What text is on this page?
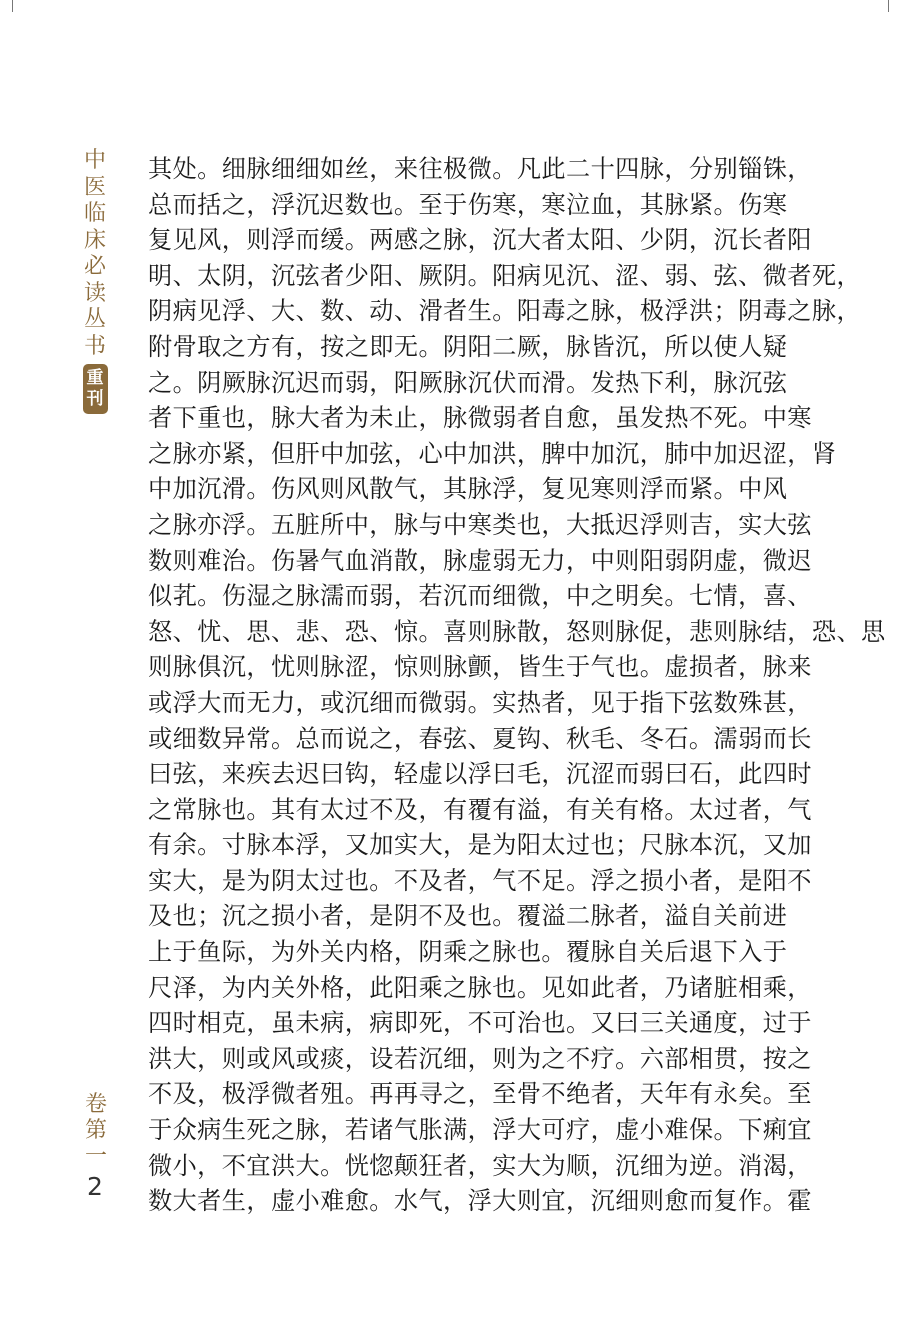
中
医
临
床
必
读
丛
书
重
刊
卷
第
一
2
其处。细脉细细如丝，来往极微。凡此二十四脉，分别锱铢，
总而括之，浮沉迟数也。至于伤寒，寒泣血，其脉紧。伤寒
复见风，则浮而缓。两感之脉，沉大者太阳、少阴，沉长者阳
明、太阴，沉弦者少阳、厥阴。阳病见沉、涩、弱、弦、微者死，
阴病见浮、大、数、动、滑者生。阳毒之脉，极浮洪；阴毒之脉，
附骨取之方有，按之即无。阴阳二厥，脉皆沉，所以使人疑
之。阴厥脉沉迟而弱，阳厥脉沉伏而滑。发热下利，脉沉弦
者下重也，脉大者为未止，脉微弱者自愈，虽发热不死。中寒
之脉亦紧，但肝中加弦，心中加洪，脾中加沉，肺中加迟涩，肾
中加沉滑。伤风则风散气，其脉浮，复见寒则浮而紧。中风
之脉亦浮。五脏所中，脉与中寒类也，大抵迟浮则吉，实大弦
数则难治。伤暑气血消散，脉虚弱无力，中则阳弱阴虚，微迟
似芤。伤湿之脉濡而弱，若沉而细微，中之明矣。七情，喜、
怒、忧、思、悲、恐、惊。喜则脉散，怒则脉促，悲则脉结，恐、思
则脉俱沉，忧则脉涩，惊则脉颤，皆生于气也。虚损者，脉来
或浮大而无力，或沉细而微弱。实热者，见于指下弦数殊甚，
或细数异常。总而说之，春弦、夏钩、秋毛、冬石。濡弱而长
曰弦，来疾去迟曰钩，轻虚以浮曰毛，沉涩而弱曰石，此四时
之常脉也。其有太过不及，有覆有溢，有关有格。太过者，气
有余。寸脉本浮，又加实大，是为阳太过也；尺脉本沉，又加
实大，是为阴太过也。不及者，气不足。浮之损小者，是阳不
及也；沉之损小者，是阴不及也。覆溢二脉者，溢自关前进
上于鱼际，为外关内格，阴乘之脉也。覆脉自关后退下入于
尺泽，为内关外格，此阳乘之脉也。见如此者，乃诸脏相乘，
四时相克，虽未病，病即死，不可治也。又曰三关通度，过于
洪大，则或风或痰，设若沉细，则为之不疗。六部相贯，按之
不及，极浮微者殂。再再寻之，至骨不绝者，天年有永矣。至
于众病生死之脉，若诸气胀满，浮大可疗，虚小难保。下痢宜
微小，不宜洪大。恍惚颠狂者，实大为顺，沉细为逆。消渴，
数大者生，虚小难愈。水气，浮大则宜，沉细则愈而复作。霍
